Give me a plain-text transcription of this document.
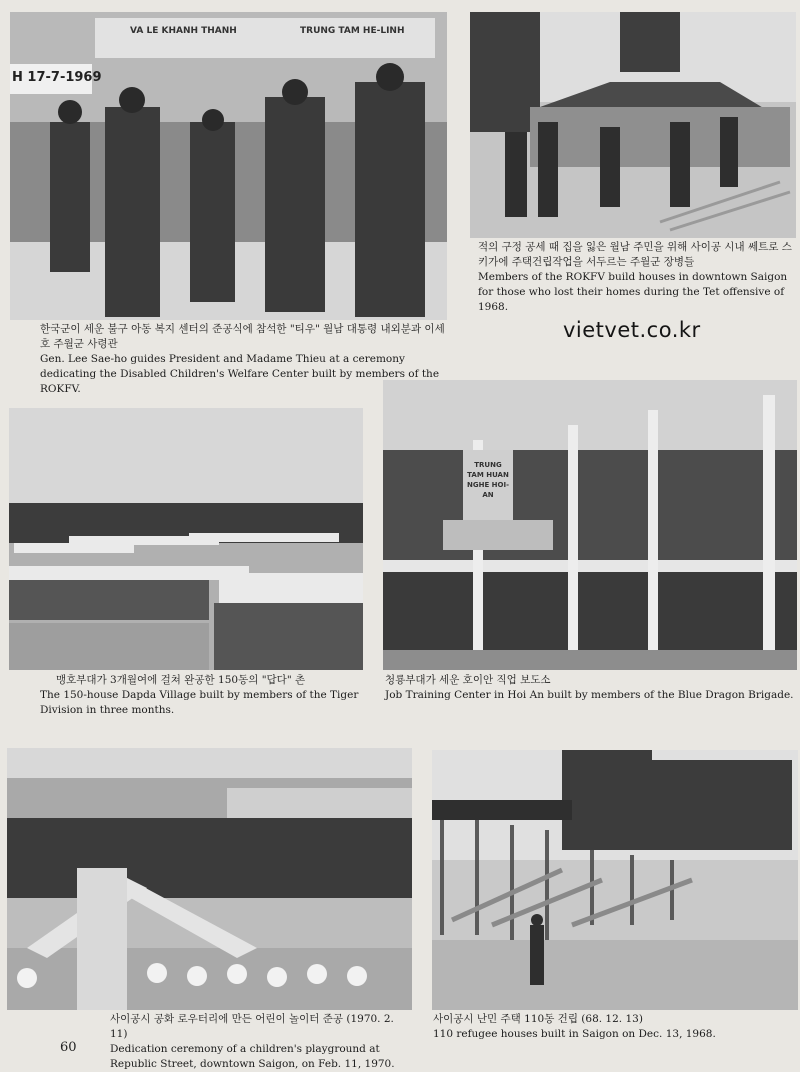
H 17-7-1969
VA LE KHANH THANH	TRUNG TAM HE-LINH
한국군이 세운 불구 아동 복지 센터의 준공식에 참석한 "티우" 월남 대통령 내외분과 이세호 주월군 사령관
Gen. Lee Sae-ho guides President and Madame Thieu at a ceremony dedicating the Disabled Children's Welfare Center built by members of the ROKFV.
적의 구정 공세 때 집을 잃은 월남 주민을 위해 사이공 시내 쎄트로 스키가에 주택건립작업을 서두르는 주월군 장병들
Members of the ROKFV build houses in downtown Saigon for those who lost their homes during the Tet offensive of 1968.
vietvet.co.kr
맹호부대가 3개월여에 걸쳐 완공한 150동의 "답다" 촌
The 150-house Dapda Village built by members of the Tiger Division in three months.
TRUNG TAM HUAN NGHE HOI-AN
청룡부대가 세운 호이안 직업 보도소
Job Training Center in Hoi An built by members of the Blue Dragon Brigade.
사이공시 공화 로우터리에 만든 어린이 놀이터 준공 (1970. 2. 11)
Dedication ceremony of a children's playground at Republic Street, downtown Saigon, on Feb. 11, 1970.
사이공시 난민 주택 110동 건립 (68. 12. 13)
110 refugee houses built in Saigon on Dec. 13, 1968.
60
